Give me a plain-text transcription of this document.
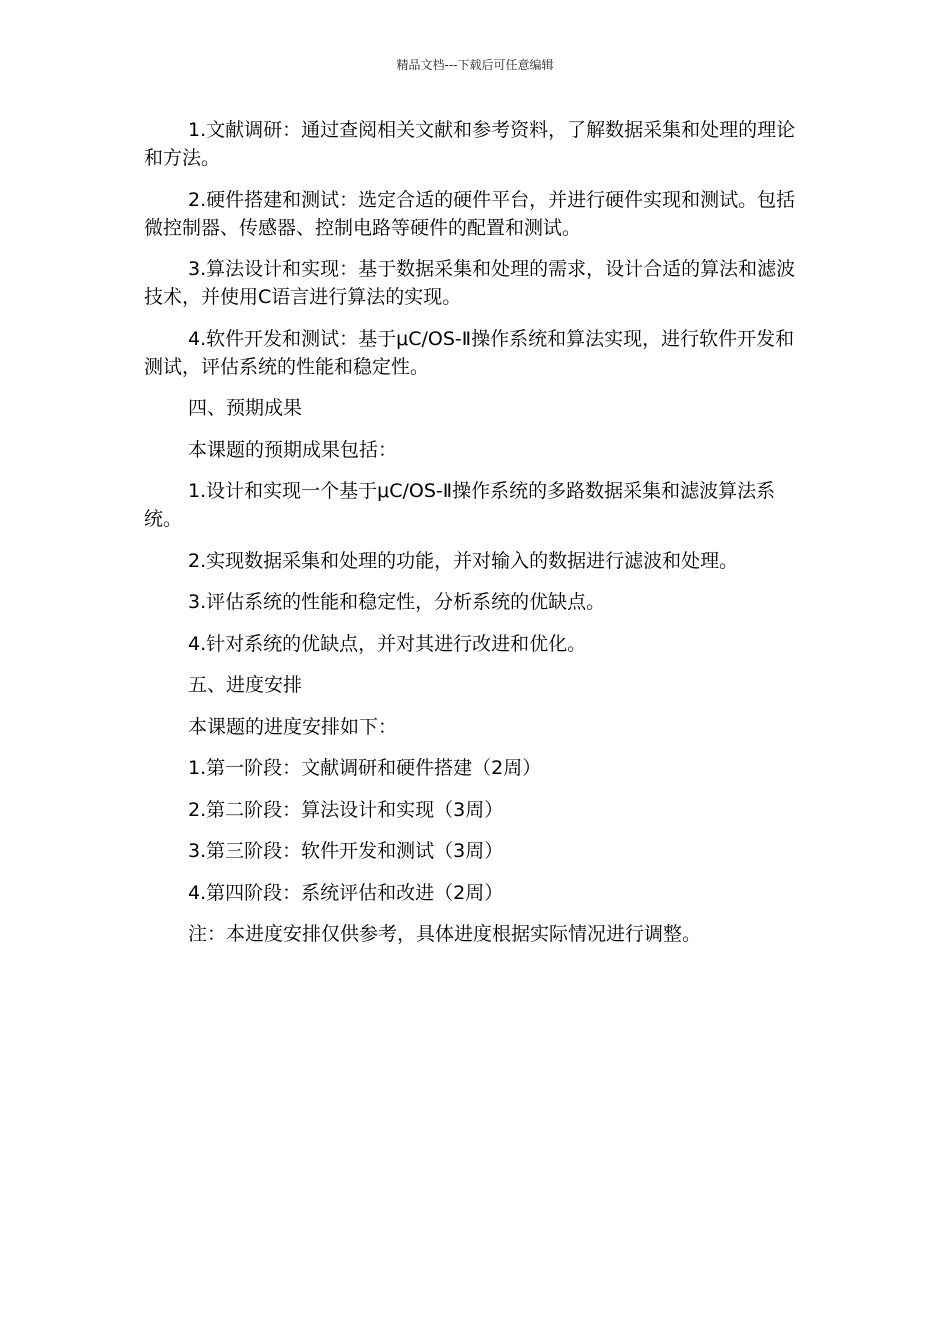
精品文档---下载后可任意编辑

1.文献调研：通过查阅相关文献和参考资料，了解数据采集和处理的理论和方法。

2.硬件搭建和测试：选定合适的硬件平台，并进行硬件实现和测试。包括微控制器、传感器、控制电路等硬件的配置和测试。

3.算法设计和实现：基于数据采集和处理的需求，设计合适的算法和滤波技术，并使用C语言进行算法的实现。

4.软件开发和测试：基于μC/OS-Ⅱ操作系统和算法实现，进行软件开发和测试，评估系统的性能和稳定性。

四、预期成果

本课题的预期成果包括：

1.设计和实现一个基于μC/OS-Ⅱ操作系统的多路数据采集和滤波算法系统。

2.实现数据采集和处理的功能，并对输入的数据进行滤波和处理。

3.评估系统的性能和稳定性，分析系统的优缺点。

4.针对系统的优缺点，并对其进行改进和优化。

五、进度安排

本课题的进度安排如下：

1.第一阶段：文献调研和硬件搭建（2周）

2.第二阶段：算法设计和实现（3周）

3.第三阶段：软件开发和测试（3周）

4.第四阶段：系统评估和改进（2周）

注：本进度安排仅供参考，具体进度根据实际情况进行调整。
